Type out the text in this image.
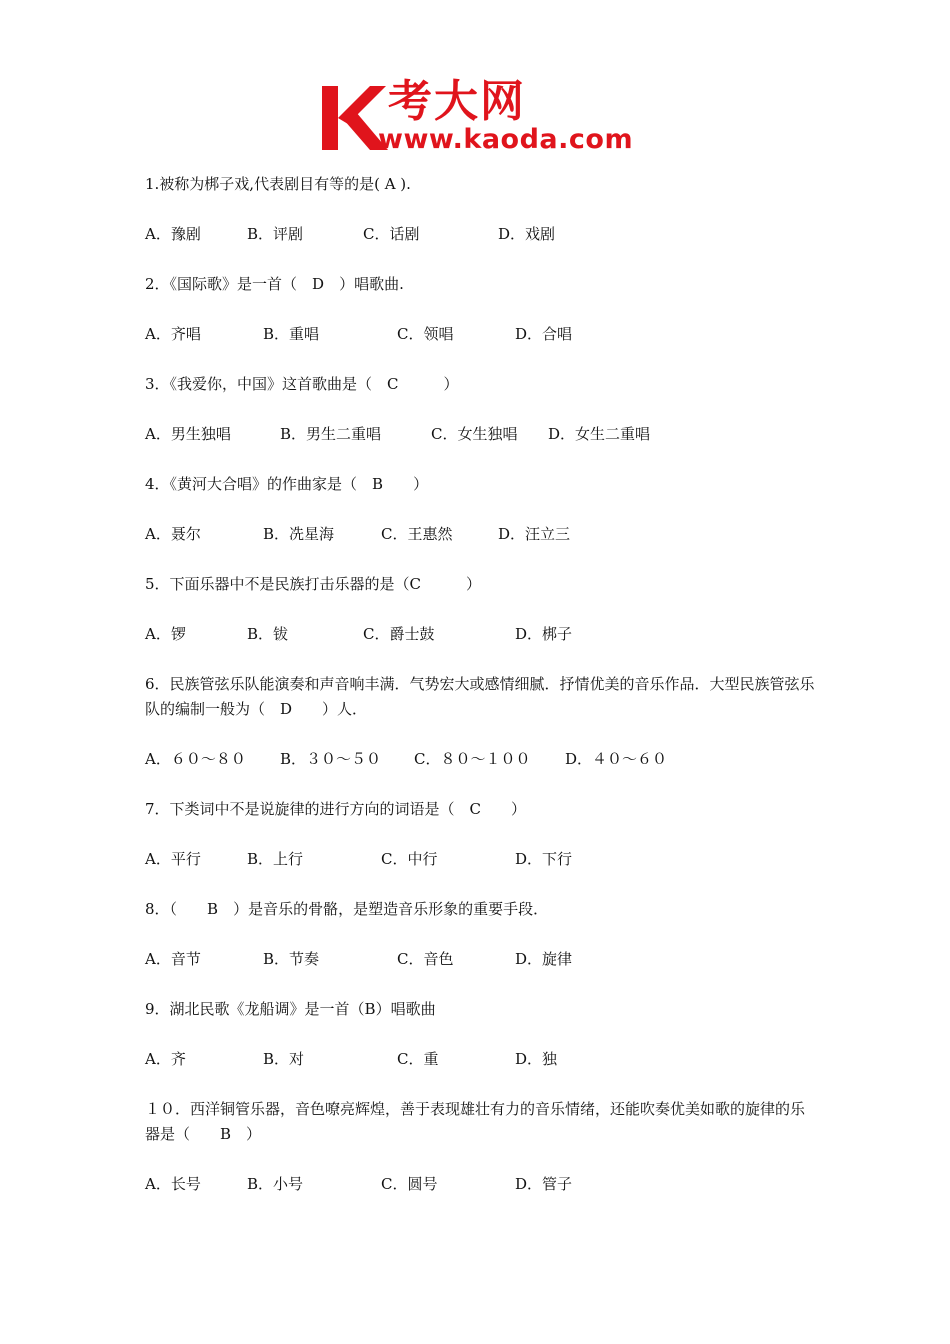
考大网
www.kaoda.com

1.被称为梆子戏,代表剧目有等的是( A ).

A．豫剧	B．评剧	C．话剧	D．戏剧

2．《国际歌》是一首（　D　）唱歌曲.

A．齐唱	B．重唱	C．领唱	D．合唱

3．《我爱你，中国》这首歌曲是（　C　　　）

A．男生独唱	B．男生二重唱	C．女生独唱 D．女生二重唱

4．《黄河大合唱》的作曲家是（　B　　）

A．聂尔	B．冼星海	C．王惠然	D．汪立三

5．下面乐器中不是民族打击乐器的是（C　　　）

A．锣	B．钹	C．爵士鼓	D．梆子

6．民族管弦乐队能演奏和声音响丰满．气势宏大或感情细腻．抒情优美的音乐作品．大型民族管弦乐队的编制一般为（　D　　）人．

A．６０～８０ B．３０～５０ C．８０～１００ D．４０～６０

7．下类词中不是说旋律的进行方向的词语是（　C　　）

A．平行	B．上行	C．中行	D．下行

8．（　　B　）是音乐的骨骼，是塑造音乐形象的重要手段．

A．音节	B．节奏	C．音色	D．旋律

9．湖北民歌《龙船调》是一首（B）唱歌曲

A．齐	B．对	C．重	D．独

１０．西洋铜管乐器，音色嘹亮辉煌，善于表现雄壮有力的音乐情绪，还能吹奏优美如歌的旋律的乐器是（　　B　）

A．长号	B．小号	C．圆号	D．管子
